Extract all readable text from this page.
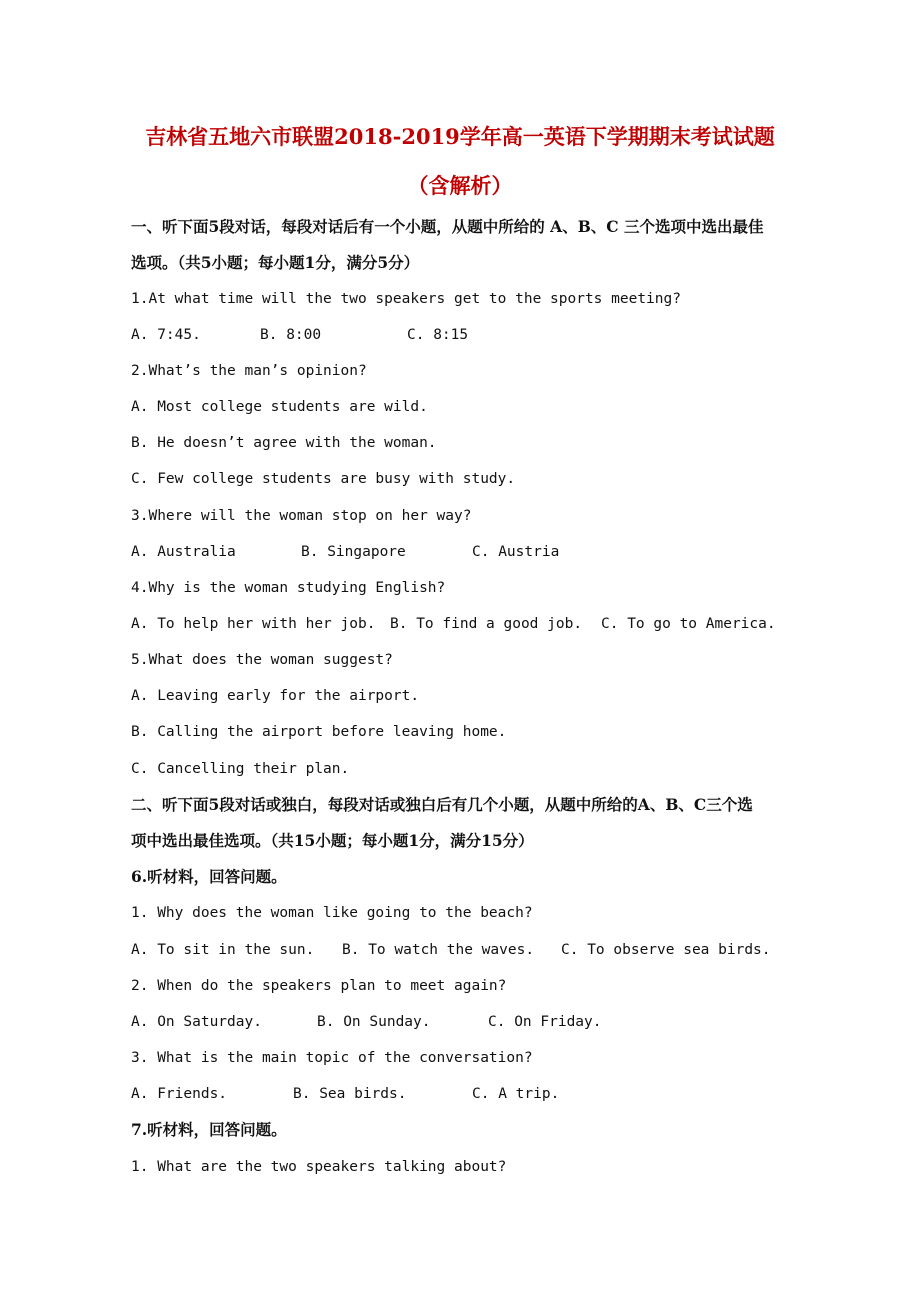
吉林省五地六市联盟2018-2019学年高一英语下学期期末考试试题
（含解析）
一、听下面5段对话，每段对话后有一个小题，从题中所给的 A、B、C 三个选项中选出最佳
选项。（共5小题；每小题1分，满分5分）
1.At what time will the two speakers get to the sports meeting?
A. 7:45.	B. 8:00	C. 8:15
2.What’s the man’s opinion?
A. Most college students are wild.
B. He doesn’t agree with the woman.
C. Few college students are busy with study.
3.Where will the woman stop on her way?
A. Australia	B. Singapore	C. Austria
4.Why is the woman studying English?
A. To help her with her job. B. To find a good job. C. To go to America.
5.What does the woman suggest?
A. Leaving early for the airport.
B. Calling the airport before leaving home.
C. Cancelling their plan.
二、听下面5段对话或独白，每段对话或独白后有几个小题，从题中所给的A、B、C三个选
项中选出最佳选项。（共15小题；每小题1分，满分15分）
6.听材料，回答问题。
1. Why does the woman like going to the beach?
A. To sit in the sun. B. To watch the waves. C. To observe sea birds.
2. When do the speakers plan to meet again?
A. On Saturday.	B. On Sunday.	C. On Friday.
3. What is the main topic of the conversation?
A. Friends.	B. Sea birds.	C. A trip.
7.听材料，回答问题。
1. What are the two speakers talking about?
